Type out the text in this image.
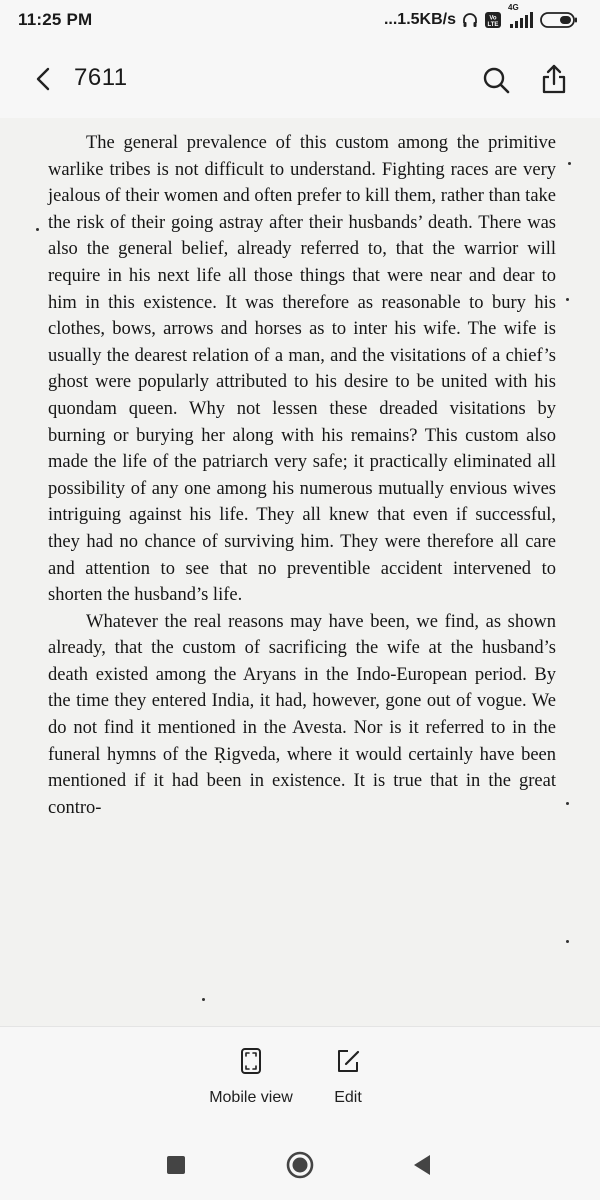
11:25 PM	...1.5KB/s	Vo
LTE
4G
7611

The general prevalence of this custom among the primitive warlike tribes is not difficult to understand. Fighting races are very jealous of their women and often prefer to kill them, rather than take the risk of their going astray after their husbands’ death. There was also the general belief, already referred to, that the warrior will require in his next life all those things that were near and dear to him in this existence. It was therefore as reasonable to bury his clothes, bows, arrows and horses as to inter his wife. The wife is usually the dearest relation of a man, and the visitations of a chief’s ghost were popularly attributed to his desire to be united with his quondam queen. Why not lessen these dreaded visitations by burning or burying her along with his remains? This custom also made the life of the patriarch very safe; it practically eliminated all possibility of any one among his numerous mutually envious wives intriguing against his life. They all knew that even if successful, they had no chance of surviving him. They were therefore all care and attention to see that no preventible accident intervened to shorten the husband’s life.

Whatever the real reasons may have been, we find, as shown already, that the custom of sacrificing the wife at the husband’s death existed among the Aryans in the Indo-European period. By the time they entered India, it had, however, gone out of vogue. We do not find it mentioned in the Avesta. Nor is it referred to in the funeral hymns of the Ṛigveda, where it would certainly have been mentioned if it had been in existence. It is true that in the great contro-

Mobile view	Edit
